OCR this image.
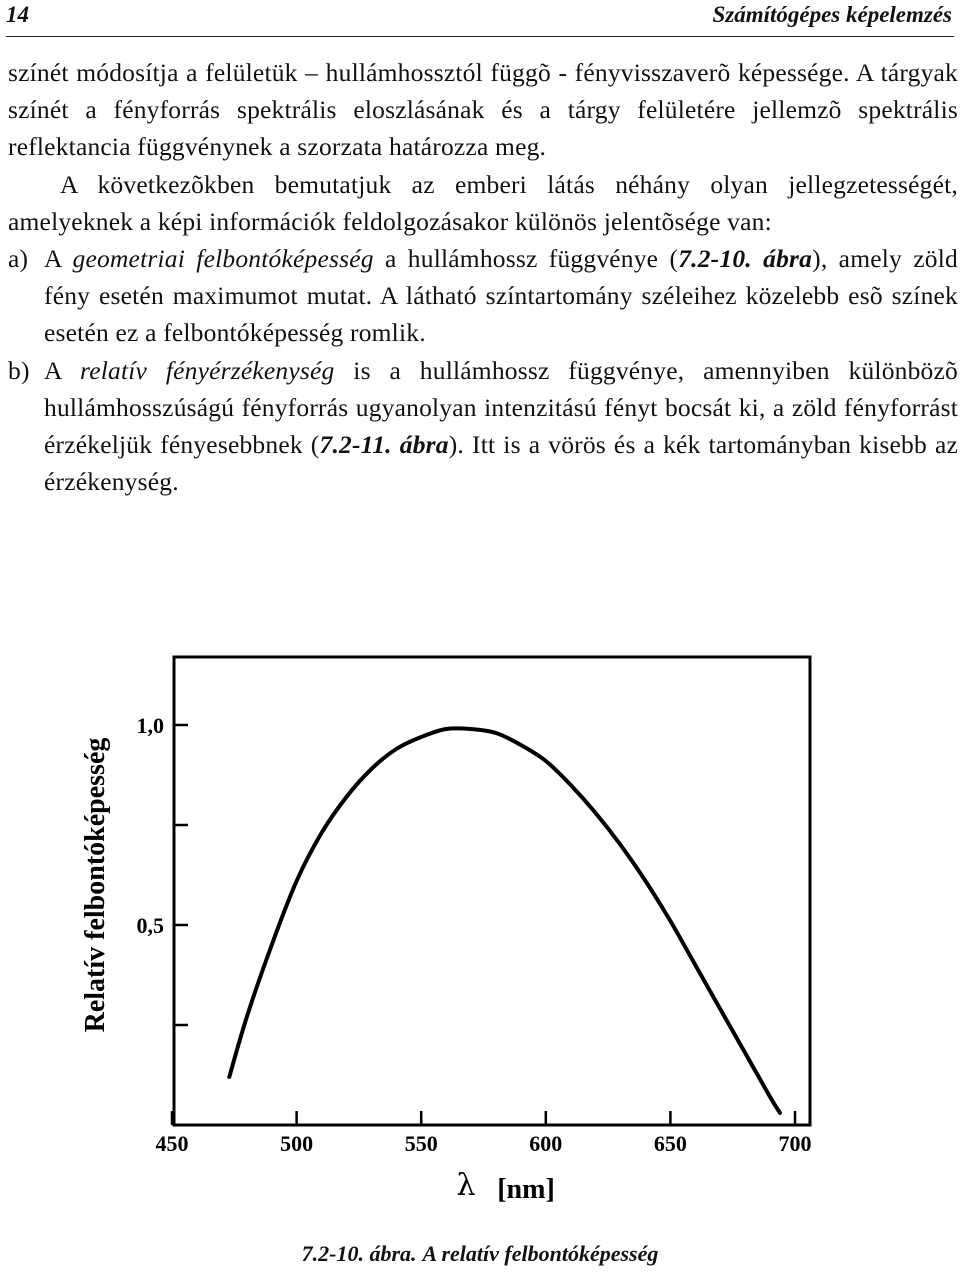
14	Számítógépes képelemzés

színét módosítja a felületük – hullámhossztól függõ - fényvisszaverõ képessége. A tárgyak színét a fényforrás spektrális eloszlásának és a tárgy felületére jellemzõ spektrális reflektancia függvénynek a szorzata határozza meg.

A következõkben bemutatjuk az emberi látás néhány olyan jellegzetességét, amelyeknek a képi információk feldolgozásakor különös jelentõsége van:

a) A geometriai felbontóképesség a hullámhossz függvénye (7.2-10. ábra), amely zöld fény esetén maximumot mutat. A látható színtartomány széleihez közelebb esõ színek esetén ez a felbontóképesség romlik.

b) A relatív fényérzékenység is a hullámhossz függvénye, amennyiben különbözõ hullámhosszúságú fényforrás ugyanolyan intenzitású fényt bocsát ki, a zöld fényforrást érzékeljük fényesebbnek (7.2-11. ábra). Itt is a vörös és a kék tartományban kisebb az érzékenység.

1,0
0,5
450	500	550	600	650	700
Relatív felbontóképesség
λ [nm]
7.2-10. ábra. A relatív felbontóképesség
